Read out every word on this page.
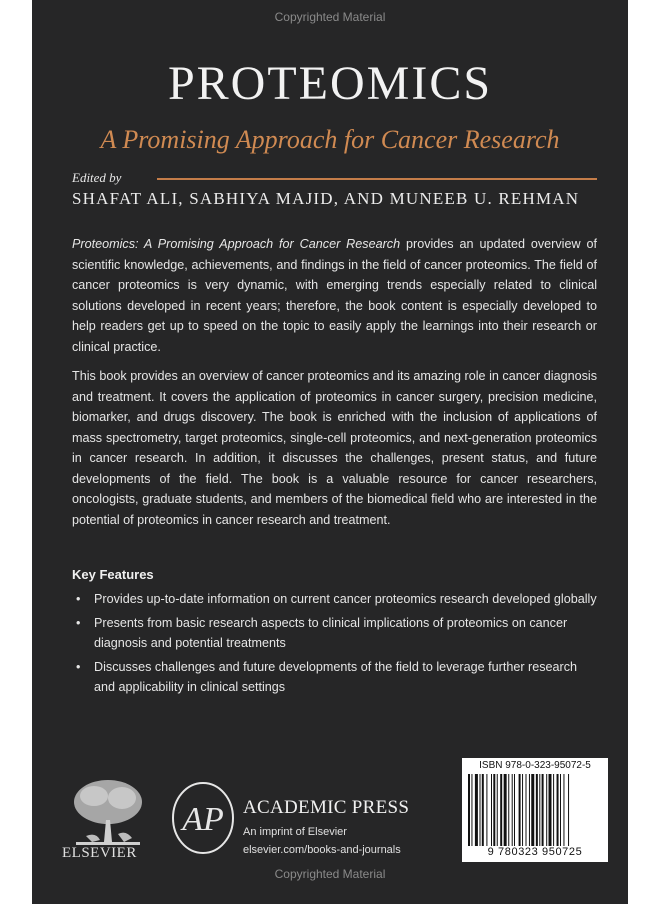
Copyrighted Material
PROTEOMICS
A Promising Approach for Cancer Research
Edited by
SHAFAT ALI, SABHIYA MAJID, AND MUNEEB U. REHMAN

Proteomics: A Promising Approach for Cancer Research provides an updated overview of scientific knowledge, achievements, and findings in the field of cancer proteomics. The field of cancer proteomics is very dynamic, with emerging trends especially related to clinical solutions developed in recent years; therefore, the book content is especially developed to help readers get up to speed on the topic to easily apply the learnings into their research or clinical practice.

This book provides an overview of cancer proteomics and its amazing role in cancer diagnosis and treatment. It covers the application of proteomics in cancer surgery, precision medicine, biomarker, and drugs discovery. The book is enriched with the inclusion of applications of mass spectrometry, target proteomics, single-cell proteomics, and next-generation proteomics in cancer research. In addition, it discusses the challenges, present status, and future developments of the field. The book is a valuable resource for cancer researchers, oncologists, graduate students, and members of the biomedical field who are interested in the potential of proteomics in cancer research and treatment.

Key Features
• Provides up-to-date information on current cancer proteomics research developed globally
• Presents from basic research aspects to clinical implications of proteomics on cancer diagnosis and potential treatments
• Discusses challenges and future developments of the field to leverage further research and applicability in clinical settings
ISBN 978-0-323-95072-5
9 780323 950725
ELSEVIER
AP ACADEMIC PRESS
An imprint of Elsevier
elsevier.com/books-and-journals
Copyrighted Material
